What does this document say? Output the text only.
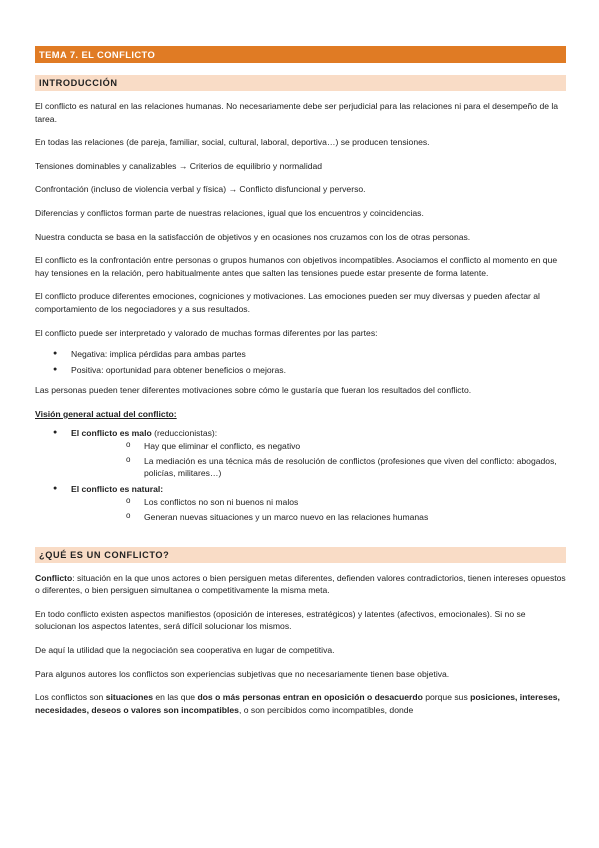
TEMA 7. EL CONFLICTO
INTRODUCCIÓN

El conflicto es natural en las relaciones humanas. No necesariamente debe ser perjudicial para las relaciones ni para el desempeño de la tarea.

En todas las relaciones (de pareja, familiar, social, cultural, laboral, deportiva…) se producen tensiones.

Tensiones dominables y canalizables → Criterios de equilibrio y normalidad

Confrontación (incluso de violencia verbal y física) → Conflicto disfuncional y perverso.

Diferencias y conflictos forman parte de nuestras relaciones, igual que los encuentros y coincidencias.

Nuestra conducta se basa en la satisfacción de objetivos y en ocasiones nos cruzamos con los de otras personas.

El conflicto es la confrontación entre personas o grupos humanos con objetivos incompatibles. Asociamos el conflicto al momento en que hay tensiones en la relación, pero habitualmente antes que salten las tensiones puede estar presente de forma latente.

El conflicto produce diferentes emociones, cogniciones y motivaciones. Las emociones pueden ser muy diversas y pueden afectar al comportamiento de los negociadores y a sus resultados.

El conflicto puede ser interpretado y valorado de muchas formas diferentes por las partes:

● Negativa: implica pérdidas para ambas partes
● Positiva: oportunidad para obtener beneficios o mejoras.

Las personas pueden tener diferentes motivaciones sobre cómo le gustaría que fueran los resultados del conflicto.

Visión general actual del conflicto:

● El conflicto es malo (reduccionistas):
o Hay que eliminar el conflicto, es negativo
o La mediación es una técnica más de resolución de conflictos (profesiones que viven del conflicto: abogados, policías, militares…)
● El conflicto es natural:
o Los conflictos no son ni buenos ni malos
o Generan nuevas situaciones y un marco nuevo en las relaciones humanas
¿QUÉ ES UN CONFLICTO?

Conflicto: situación en la que unos actores o bien persiguen metas diferentes, defienden valores contradictorios, tienen intereses opuestos o diferentes, o bien persiguen simultanea o competitivamente la misma meta.

En todo conflicto existen aspectos manifiestos (oposición de intereses, estratégicos) y latentes (afectivos, emocionales). Si no se solucionan los aspectos latentes, será difícil solucionar los mismos.

De aquí la utilidad que la negociación sea cooperativa en lugar de competitiva.

Para algunos autores los conflictos son experiencias subjetivas que no necesariamente tienen base objetiva.

Los conflictos son situaciones en las que dos o más personas entran en oposición o desacuerdo porque sus posiciones, intereses, necesidades, deseos o valores son incompatibles, o son percibidos como incompatibles, donde
